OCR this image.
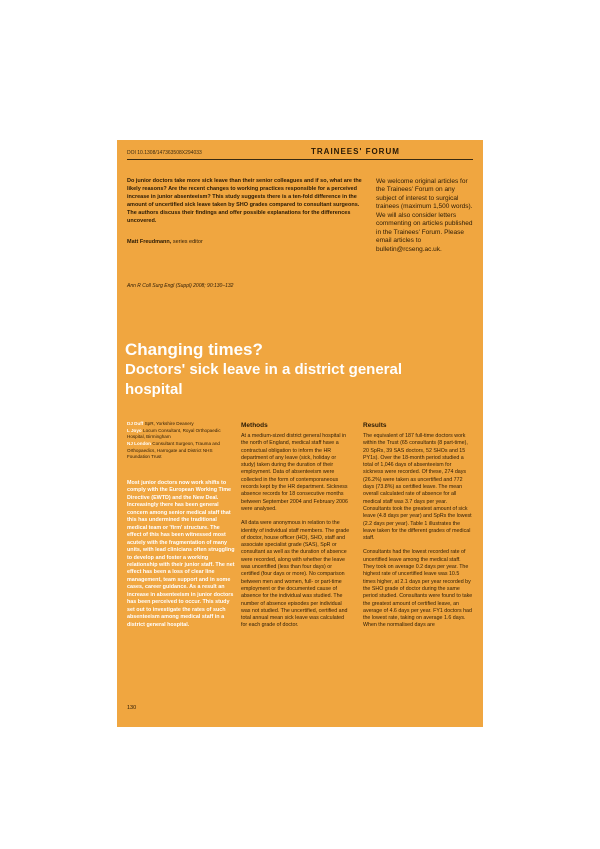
DOI 10.1308/147363508X294033	TRAINEES' FORUM

Do junior doctors take more sick leave than their senior colleagues and if so, what are the likely reasons? Are the recent changes to working practices responsible for a perceived increase in junior absenteeism? This study suggests there is a ten-fold difference in the amount of uncertified sick leave taken by SHO grades compared to consultant surgeons. The authors discuss their findings and offer possible explanations for the differences uncovered.

Matt Freudmann, series editor

We welcome original articles for the Trainees' Forum on any subject of interest to surgical trainees (maximum 1,500 words). We will also consider letters commenting on articles published in the Trainees' Forum. Please email articles to bulletin@rcseng.ac.uk.

Ann R Coll Surg Engl (Suppl) 2008; 90:130–132
Changing times?
Doctors' sick leave in a district general hospital

DJ Duff SpR, Yorkshire Deanery

L Joyo Locum Consultant, Royal Orthopaedic Hospital, Birmingham

NJ London Consultant Surgeon, Trauma and Orthopaedics, Harrogate and District NHS Foundation Trust

Most junior doctors now work shifts to comply with the European Working Time Directive (EWTD) and the New Deal. Increasingly there has been general concern among senior medical staff that this has undermined the traditional medical team or 'firm' structure. The effect of this has been witnessed most acutely with the fragmentation of many units, with lead clinicians often struggling to develop and foster a working relationship with their junior staff. The net effect has been a loss of clear line management, team support and in some cases, career guidance. As a result an increase in absenteeism in junior doctors has been perceived to occur. This study set out to investigate the rates of such absenteeism among medical staff in a district general hospital.

Methods

At a medium-sized district general hospital in the north of England, medical staff have a contractual obligation to inform the HR department of any leave (sick, holiday or study) taken during the duration of their employment. Data of absenteeism were collected in the form of contemporaneous records kept by the HR department. Sickness absence records for 18 consecutive months between September 2004 and February 2006 were analysed.

All data were anonymous in relation to the identity of individual staff members. The grade of doctor, house officer (HO), SHO, staff and associate specialist grade (SAS), SpR or consultant as well as the duration of absence were recorded, along with whether the leave was uncertified (less than four days) or certified (four days or more). No comparison between men and women, full- or part-time employment or the documented cause of absence for the individual was studied. The number of absence episodes per individual was not studied. The uncertified, certified and total annual mean sick leave was calculated for each grade of doctor.

Results

The equivalent of 187 full-time doctors work within the Trust (65 consultants (8 part-time), 20 SpRs, 39 SAS doctors, 52 SHOs and 15 PY1s). Over the 18-month period studied a total of 1,046 days of absenteeism for sickness were recorded. Of these, 274 days (26.2%) were taken as uncertified and 772 days (73.8%) as certified leave. The mean overall calculated rate of absence for all medical staff was 3.7 days per year. Consultants took the greatest amount of sick leave (4.8 days per year) and SpRs the lowest (2.2 days per year). Table 1 illustrates the leave taken for the different grades of medical staff.

Consultants had the lowest recorded rate of uncertified leave among the medical staff. They took on average 0.2 days per year. The highest rate of uncertified leave was 10.5 times higher, at 2.1 days per year recorded by the SHO grade of doctor during the same period studied. Consultants were found to take the greatest amount of certified leave, an average of 4.6 days per year. FY1 doctors had the lowest rate, taking on average 1.6 days. When the normalised days are

130
